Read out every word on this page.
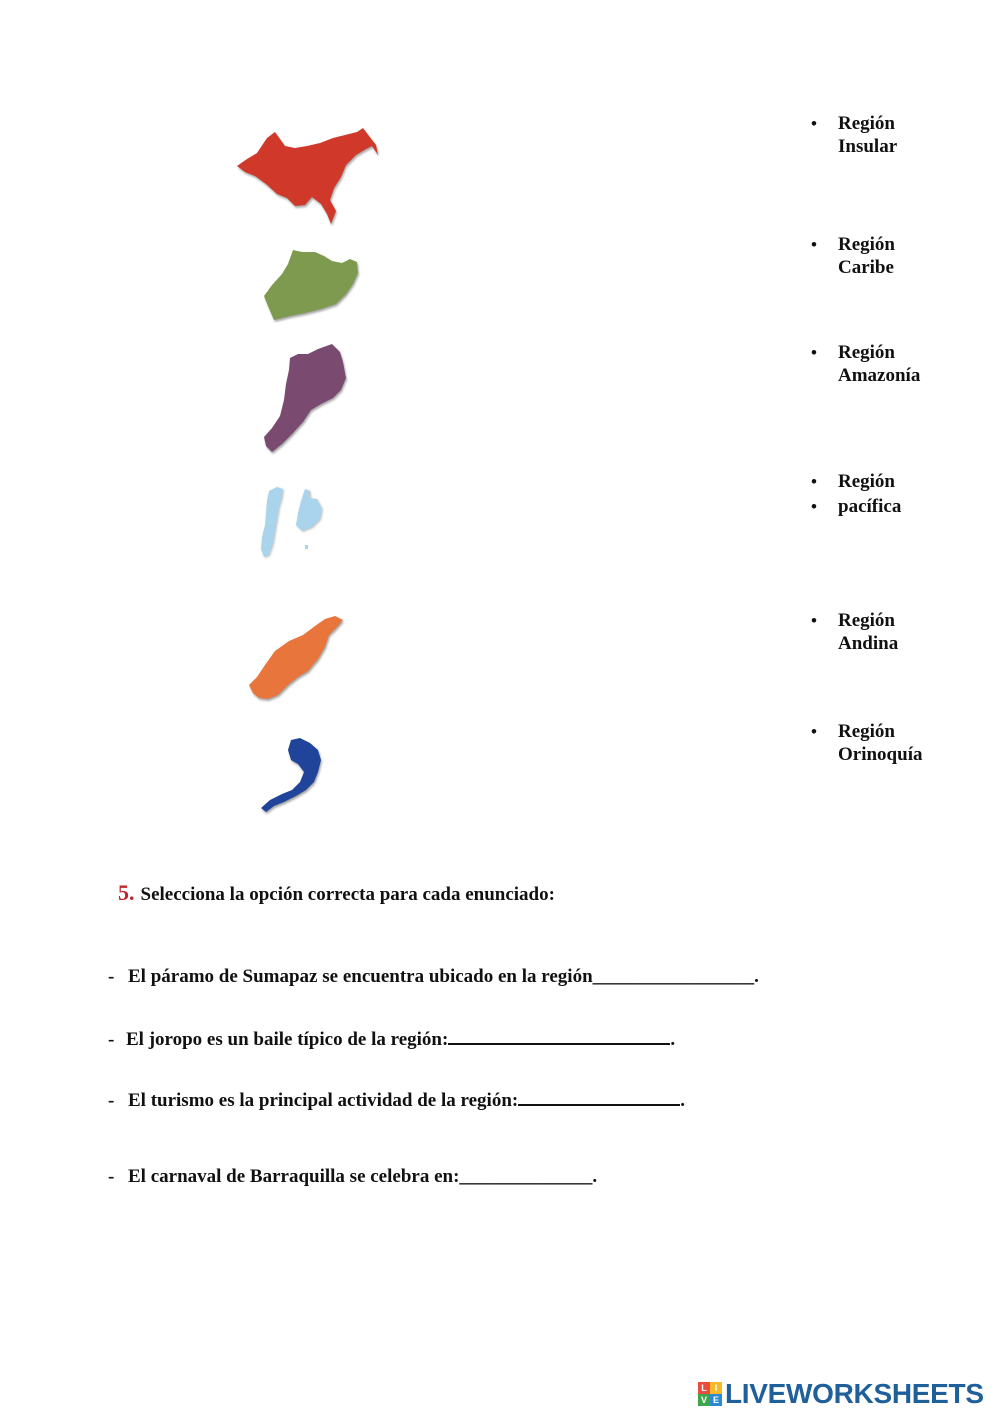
• Región
Insular
• Región
Caribe
• Región
Amazonía
• Región
• pacífica
• Región
Andina
• Región
Orinoquía
5. Selecciona la opción correcta para cada enunciado:
- El páramo de Sumapaz se encuentra ubicado en la región_________________.
- El joropo es un baile típico de la región:	.
- El turismo es la principal actividad de la región:	.
- El carnaval de Barraquilla se celebra en:______________.
L I
V E LIVEWORKSHEETS
